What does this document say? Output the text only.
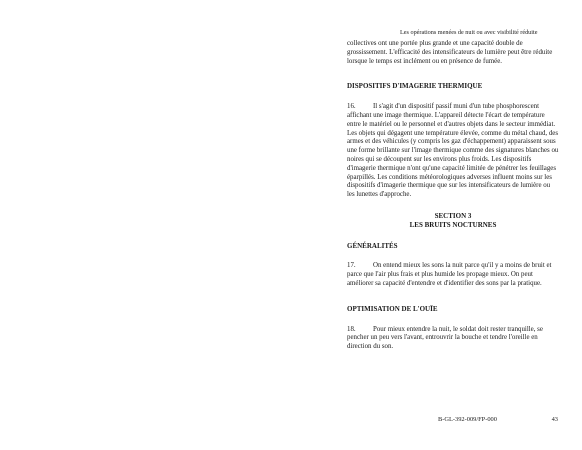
Les opérations menées de nuit ou avec visibilité réduite

collectives ont une portée plus grande et une capacité double de grossissement. L'efficacité des intensificateurs de lumière peut être réduite lorsque le temps est inclément ou en présence de fumée.

DISPOSITIFS D'IMAGERIE THERMIQUE

16.	Il s'agit d'un dispositif passif muni d'un tube phosphorescent affichant une image thermique. L'appareil détecte l'écart de température entre le matériel ou le personnel et d'autres objets dans le secteur immédiat. Les objets qui dégagent une température élevée, comme du métal chaud, des armes et des véhicules (y compris les gaz d'échappement) apparaissent sous une forme brillante sur l'image thermique comme des signatures blanches ou noires qui se découpent sur les environs plus froids. Les dispositifs d'imagerie thermique n'ont qu'une capacité limitée de pénétrer les feuillages éparpillés. Les conditions météorologiques adverses influent moins sur les dispositifs d'imagerie thermique que sur les intensificateurs de lumière ou les lunettes d'approche.

SECTION 3

LES BRUITS NOCTURNES

GÉNÉRALITÉS

17.	On entend mieux les sons la nuit parce qu'il y a moins de bruit et parce que l'air plus frais et plus humide les propage mieux. On peut améliorer sa capacité d'entendre et d'identifier des sons par la pratique.

OPTIMISATION DE L'OUÏE

18.	Pour mieux entendre la nuit, le soldat doit rester tranquille, se pencher un peu vers l'avant, entrouvrir la bouche et tendre l'oreille en direction du son.

B-GL-392-009/FP-000	43
